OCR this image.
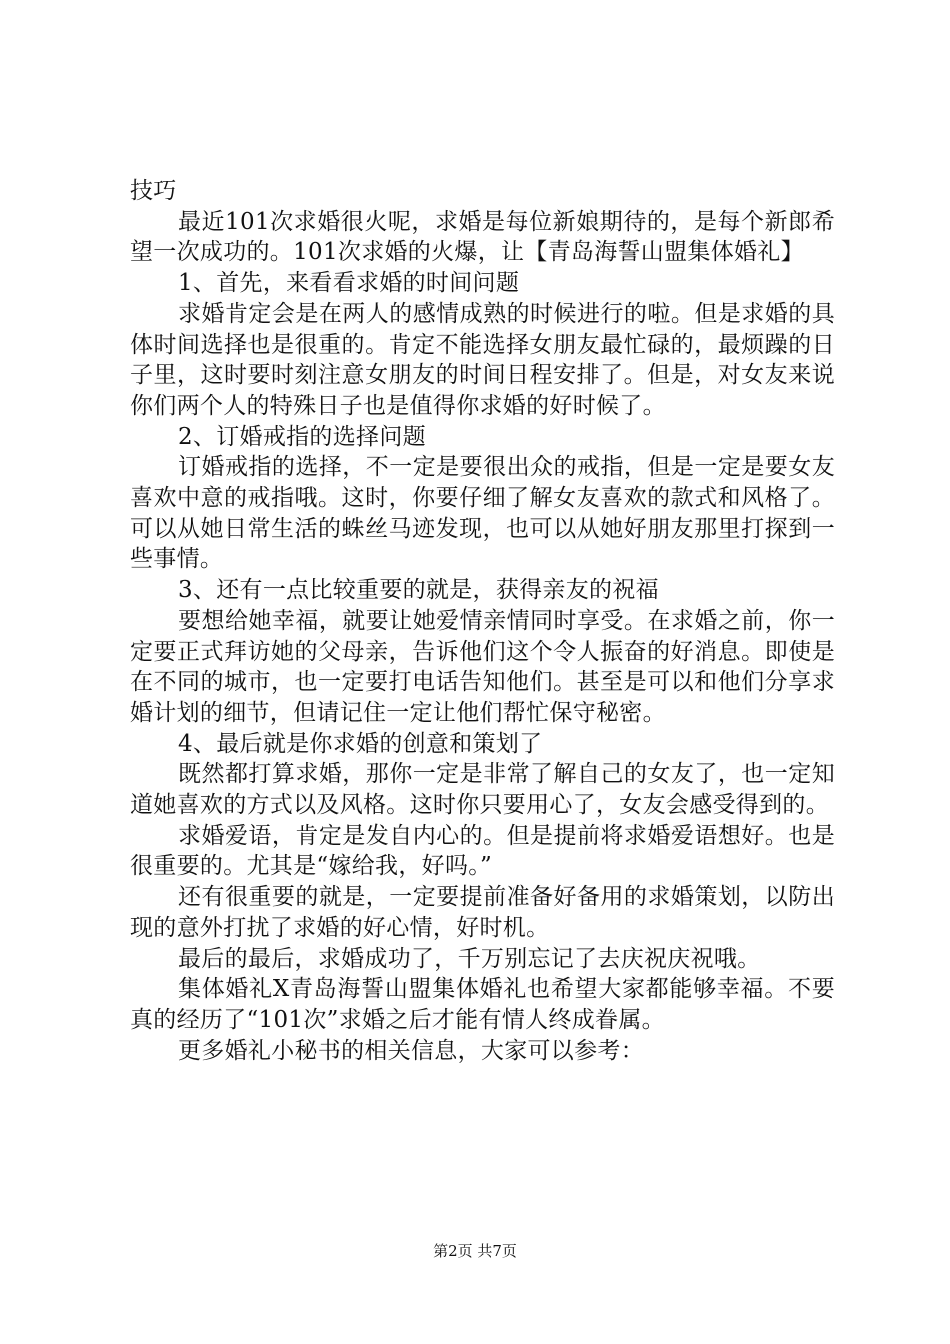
技巧

最近101次求婚很火呢，求婚是每位新娘期待的，是每个新郎希望一次成功的。101次求婚的火爆，让【青岛海誓山盟集体婚礼】

1、首先，来看看求婚的时间问题

求婚肯定会是在两人的感情成熟的时候进行的啦。但是求婚的具体时间选择也是很重的。肯定不能选择女朋友最忙碌的，最烦躁的日子里，这时要时刻注意女朋友的时间日程安排了。但是，对女友来说你们两个人的特殊日子也是值得你求婚的好时候了。

2、订婚戒指的选择问题

订婚戒指的选择，不一定是要很出众的戒指，但是一定是要女友喜欢中意的戒指哦。这时，你要仔细了解女友喜欢的款式和风格了。可以从她日常生活的蛛丝马迹发现，也可以从她好朋友那里打探到一些事情。

3、还有一点比较重要的就是，获得亲友的祝福

要想给她幸福，就要让她爱情亲情同时享受。在求婚之前，你一定要正式拜访她的父母亲，告诉他们这个令人振奋的好消息。即使是在不同的城市，也一定要打电话告知他们。甚至是可以和他们分享求婚计划的细节，但请记住一定让他们帮忙保守秘密。

4、最后就是你求婚的创意和策划了

既然都打算求婚，那你一定是非常了解自己的女友了，也一定知道她喜欢的方式以及风格。这时你只要用心了，女友会感受得到的。

求婚爱语，肯定是发自内心的。但是提前将求婚爱语想好。也是很重要的。尤其是“嫁给我，好吗。”

还有很重要的就是，一定要提前准备好备用的求婚策划，以防出现的意外打扰了求婚的好心情，好时机。

最后的最后，求婚成功了，千万别忘记了去庆祝庆祝哦。

集体婚礼X青岛海誓山盟集体婚礼也希望大家都能够幸福。不要真的经历了“101次”求婚之后才能有情人终成眷属。

更多婚礼小秘书的相关信息，大家可以参考：

第2页 共7页
